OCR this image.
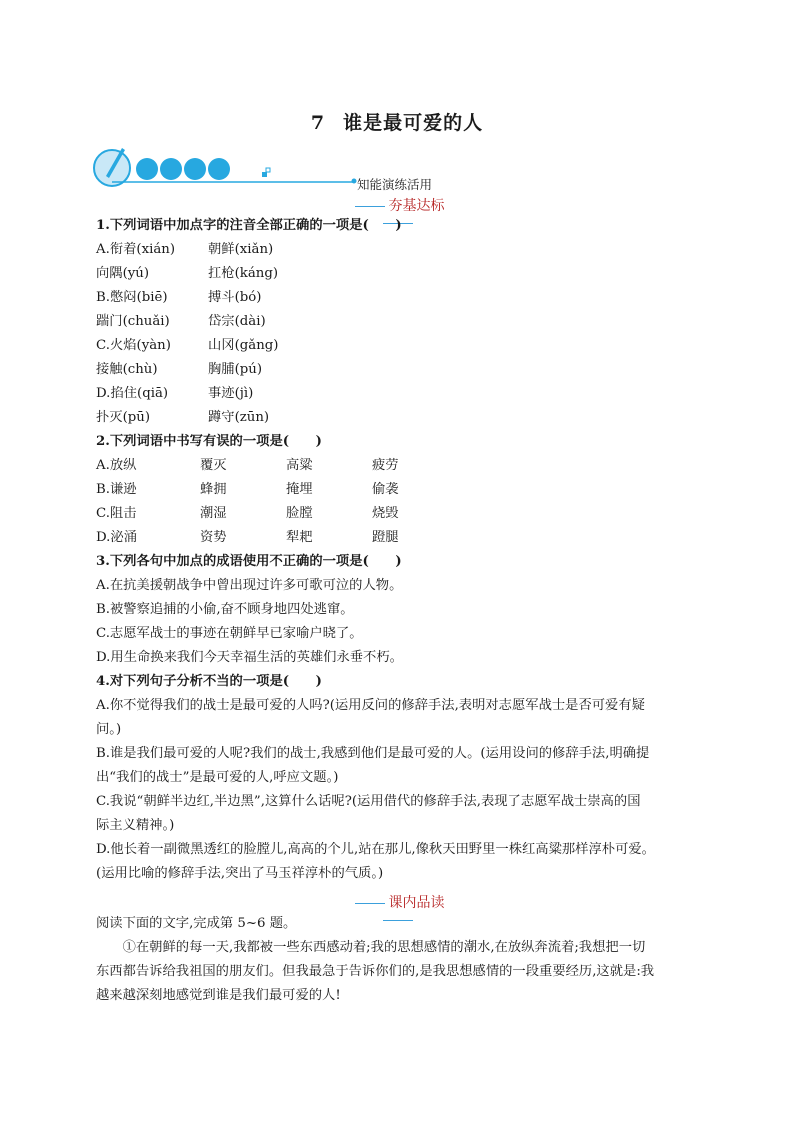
7 谁是最可爱的人
知能演练活用
夯基达标
1.下列词语中加点字的注音全部正确的一项是(　　)
A.衔着(xián) 朝鲜(xiǎn)
向隅(yú)	扛枪(káng)
B.憋闷(biē)	搏斗(bó)
踹门(chuǎi)	岱宗(dài)
C.火焰(yàn)	山冈(gǎng)
接触(chù)	胸脯(pú)
D.掐住(qiā)	事迹(jì)
扑灭(pū)	蹲守(zūn)
2.下列词语中书写有误的一项是(　　)
A.放纵	覆灭	高粱	疲劳
B.谦逊	蜂拥	掩埋	偷袭
C.阻击	潮湿	脸膛	烧毁
D.泌涌	资势	犁耙	蹬腿
3.下列各句中加点的成语使用不正确的一项是(　　)
A.在抗美援朝战争中曾出现过许多可歌可泣的人物。
B.被警察追捕的小偷,奋不顾身地四处逃窜。
C.志愿军战士的事迹在朝鲜早已家喻户晓了。
D.用生命换来我们今天幸福生活的英雄们永垂不朽。
4.对下列句子分析不当的一项是(　　)
A.你不觉得我们的战士是最可爱的人吗?(运用反问的修辞手法,表明对志愿军战士是否可爱有疑
问。)
B.谁是我们最可爱的人呢?我们的战士,我感到他们是最可爱的人。(运用设问的修辞手法,明确提
出“我们的战士”是最可爱的人,呼应文题。)
C.我说“朝鲜半边红,半边黑”,这算什么话呢?(运用借代的修辞手法,表现了志愿军战士崇高的国
际主义精神。)
D.他长着一副微黑透红的脸膛儿,高高的个儿,站在那儿,像秋天田野里一株红高粱那样淳朴可爱。
(运用比喻的修辞手法,突出了马玉祥淳朴的气质。)
课内品读
阅读下面的文字,完成第 5~6 题。
①在朝鲜的每一天,我都被一些东西感动着;我的思想感情的潮水,在放纵奔流着;我想把一切
东西都告诉给我祖国的朋友们。但我最急于告诉你们的,是我思想感情的一段重要经历,这就是:我
越来越深刻地感觉到谁是我们最可爱的人!
